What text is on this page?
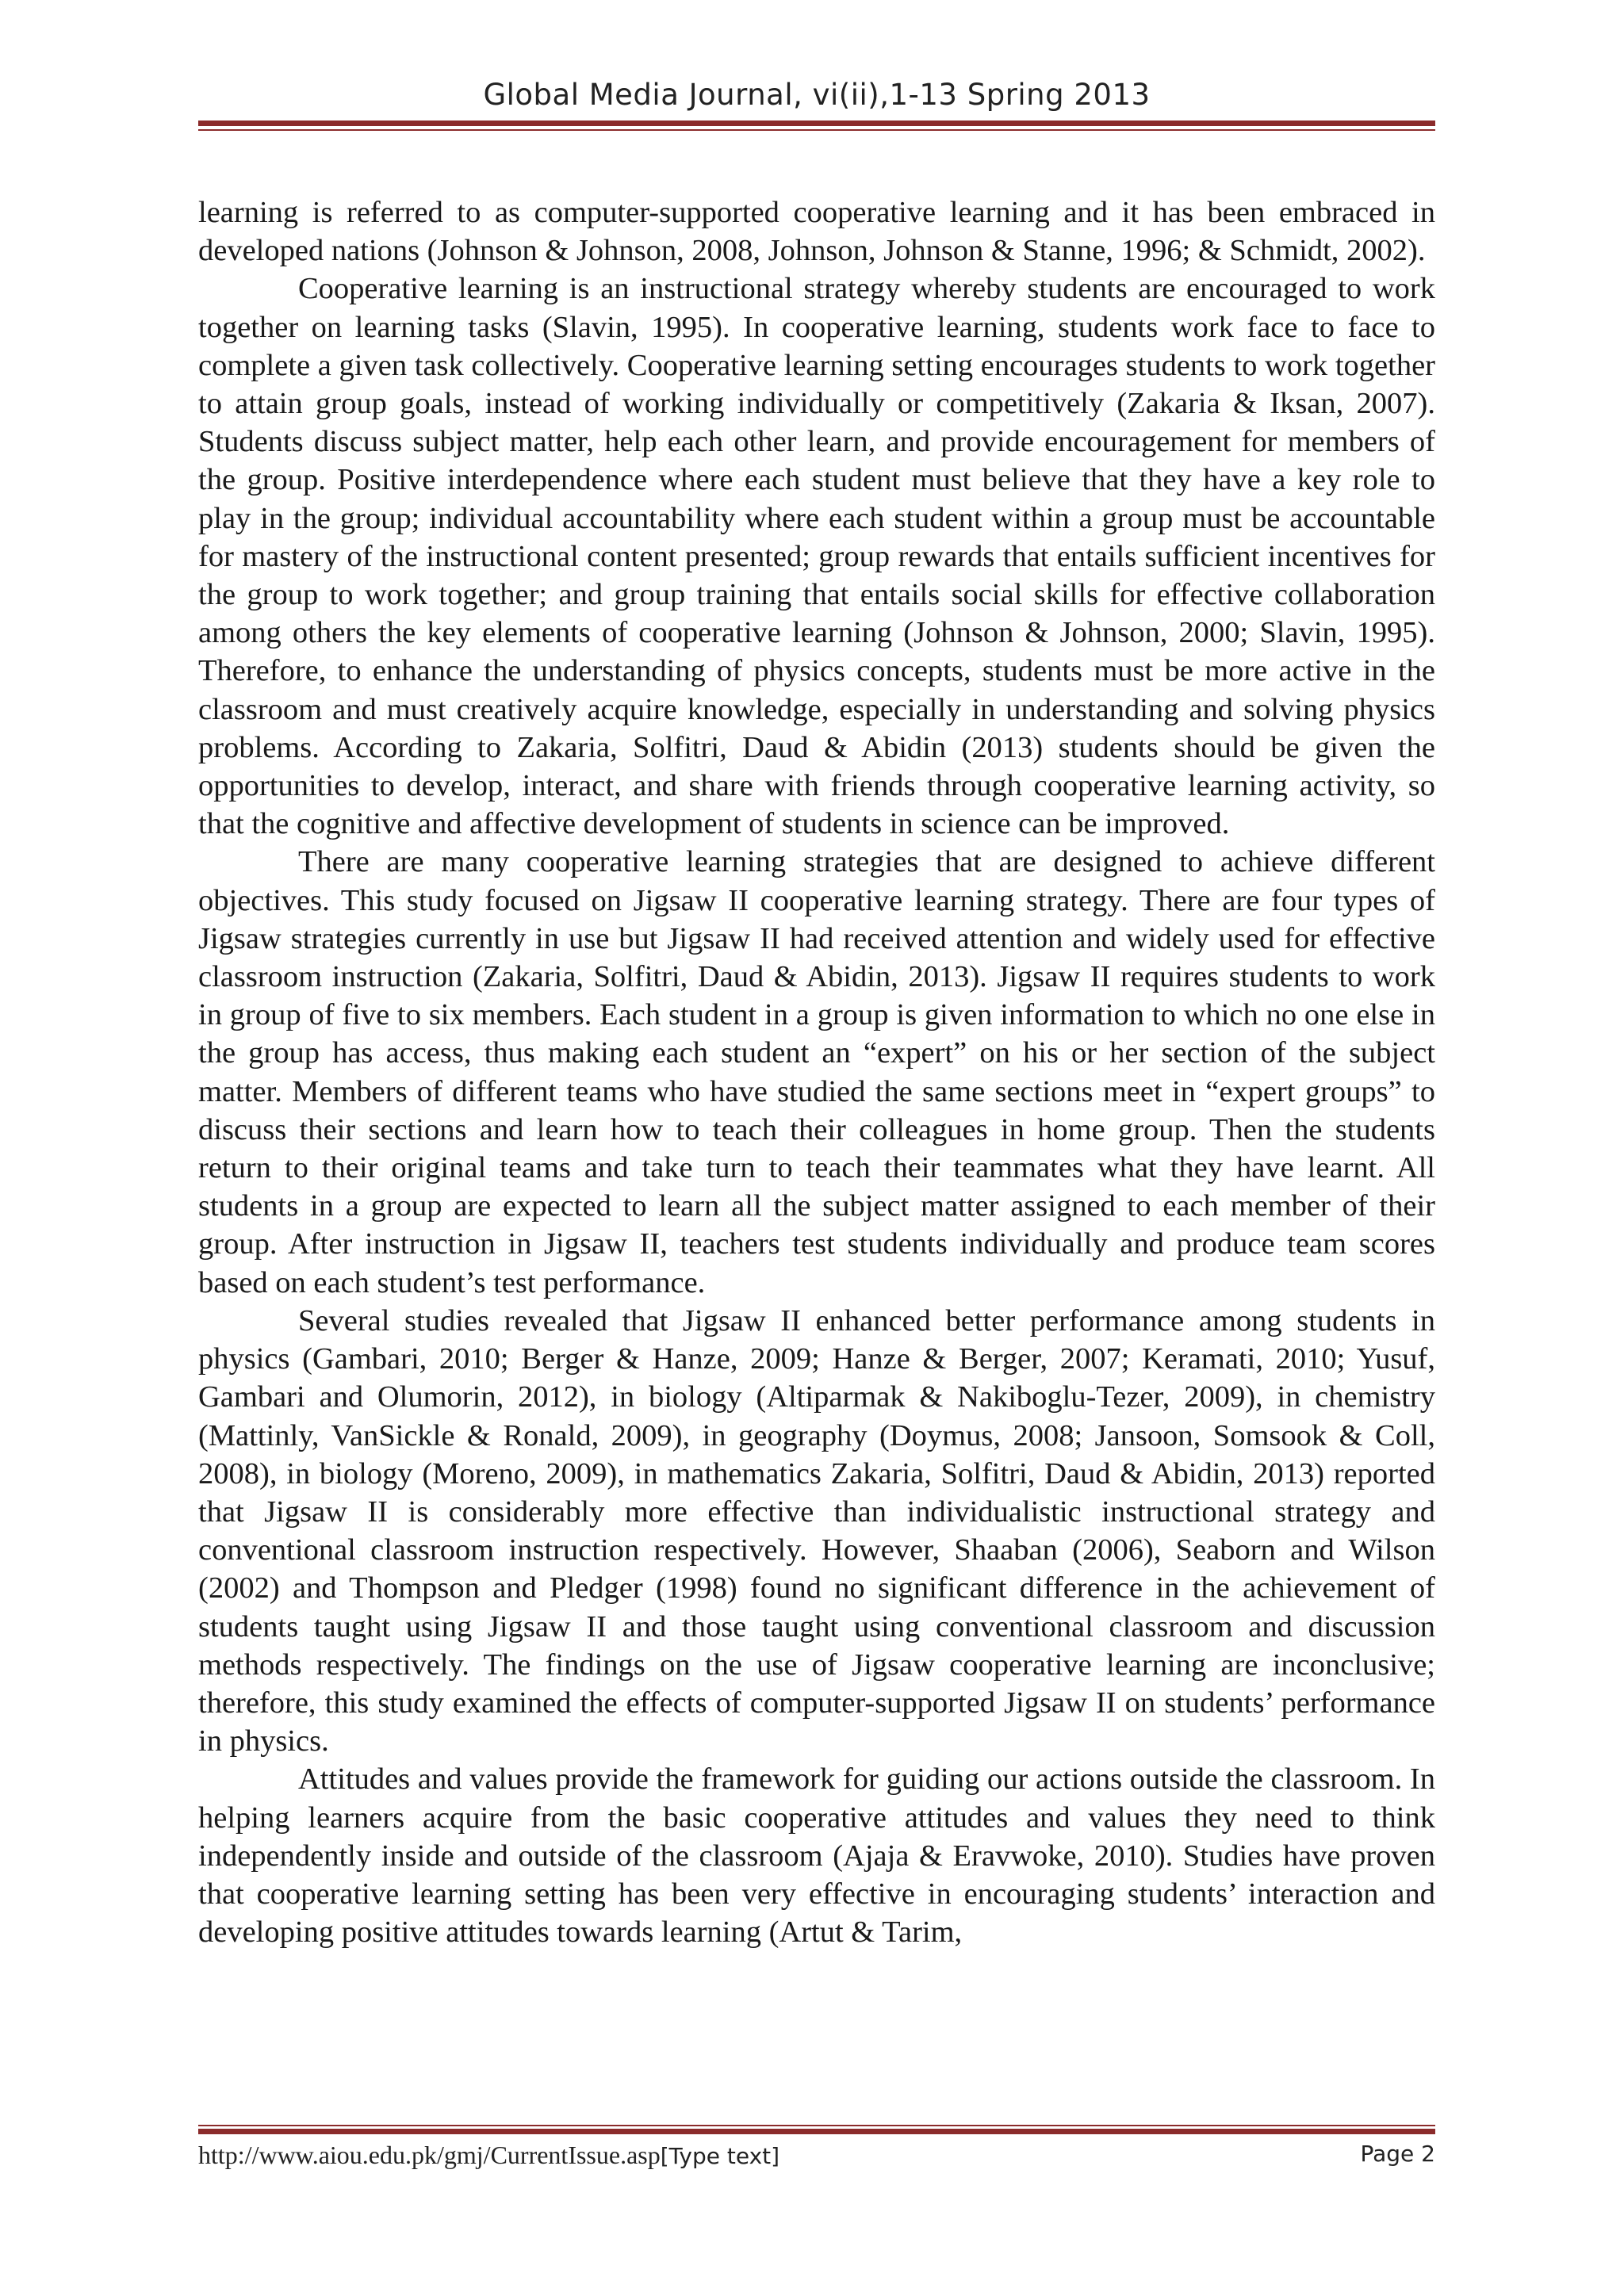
Global Media Journal, vi(ii),1-13 Spring 2013

learning is referred to as computer-supported cooperative learning and it has been embraced in developed nations (Johnson & Johnson, 2008, Johnson, Johnson & Stanne, 1996; & Schmidt, 2002).

Cooperative learning is an instructional strategy whereby students are encouraged to work together on learning tasks (Slavin, 1995). In cooperative learning, students work face to face to complete a given task collectively. Cooperative learning setting encourages students to work together to attain group goals, instead of working individually or competitively (Zakaria & Iksan, 2007). Students discuss subject matter, help each other learn, and provide encouragement for members of the group. Positive interdependence where each student must believe that they have a key role to play in the group; individual accountability where each student within a group must be accountable for mastery of the instructional content presented; group rewards that entails sufficient incentives for the group to work together; and group training that entails social skills for effective collaboration among others the key elements of cooperative learning (Johnson & Johnson, 2000; Slavin, 1995). Therefore, to enhance the understanding of physics concepts, students must be more active in the classroom and must creatively acquire knowledge, especially in understanding and solving physics problems. According to Zakaria, Solfitri, Daud & Abidin (2013) students should be given the opportunities to develop, interact, and share with friends through cooperative learning activity, so that the cognitive and affective development of students in science can be improved.

There are many cooperative learning strategies that are designed to achieve different objectives. This study focused on Jigsaw II cooperative learning strategy. There are four types of Jigsaw strategies currently in use but Jigsaw II had received attention and widely used for effective classroom instruction (Zakaria, Solfitri, Daud & Abidin, 2013). Jigsaw II requires students to work in group of five to six members. Each student in a group is given information to which no one else in the group has access, thus making each student an “expert” on his or her section of the subject matter. Members of different teams who have studied the same sections meet in “expert groups” to discuss their sections and learn how to teach their colleagues in home group. Then the students return to their original teams and take turn to teach their teammates what they have learnt. All students in a group are expected to learn all the subject matter assigned to each member of their group. After instruction in Jigsaw II, teachers test students individually and produce team scores based on each student’s test performance.

Several studies revealed that Jigsaw II enhanced better performance among students in physics (Gambari, 2010; Berger & Hanze, 2009; Hanze & Berger, 2007; Keramati, 2010; Yusuf, Gambari and Olumorin, 2012), in biology (Altiparmak & Nakiboglu-Tezer, 2009), in chemistry (Mattinly, VanSickle & Ronald, 2009), in geography (Doymus, 2008; Jansoon, Somsook & Coll, 2008), in biology (Moreno, 2009), in mathematics Zakaria, Solfitri, Daud & Abidin, 2013) reported that Jigsaw II is considerably more effective than individualistic instructional strategy and conventional classroom instruction respectively. However, Shaaban (2006), Seaborn and Wilson (2002) and Thompson and Pledger (1998) found no significant difference in the achievement of students taught using Jigsaw II and those taught using conventional classroom and discussion methods respectively. The findings on the use of Jigsaw cooperative learning are inconclusive; therefore, this study examined the effects of computer-supported Jigsaw II on students’ performance in physics.

Attitudes and values provide the framework for guiding our actions outside the classroom. In helping learners acquire from the basic cooperative attitudes and values they need to think independently inside and outside of the classroom (Ajaja & Eravwoke, 2010). Studies have proven that cooperative learning setting has been very effective in encouraging students’ interaction and developing positive attitudes towards learning (Artut & Tarim,

http://www.aiou.edu.pk/gmj/CurrentIssue.asp[Type text]	Page 2
